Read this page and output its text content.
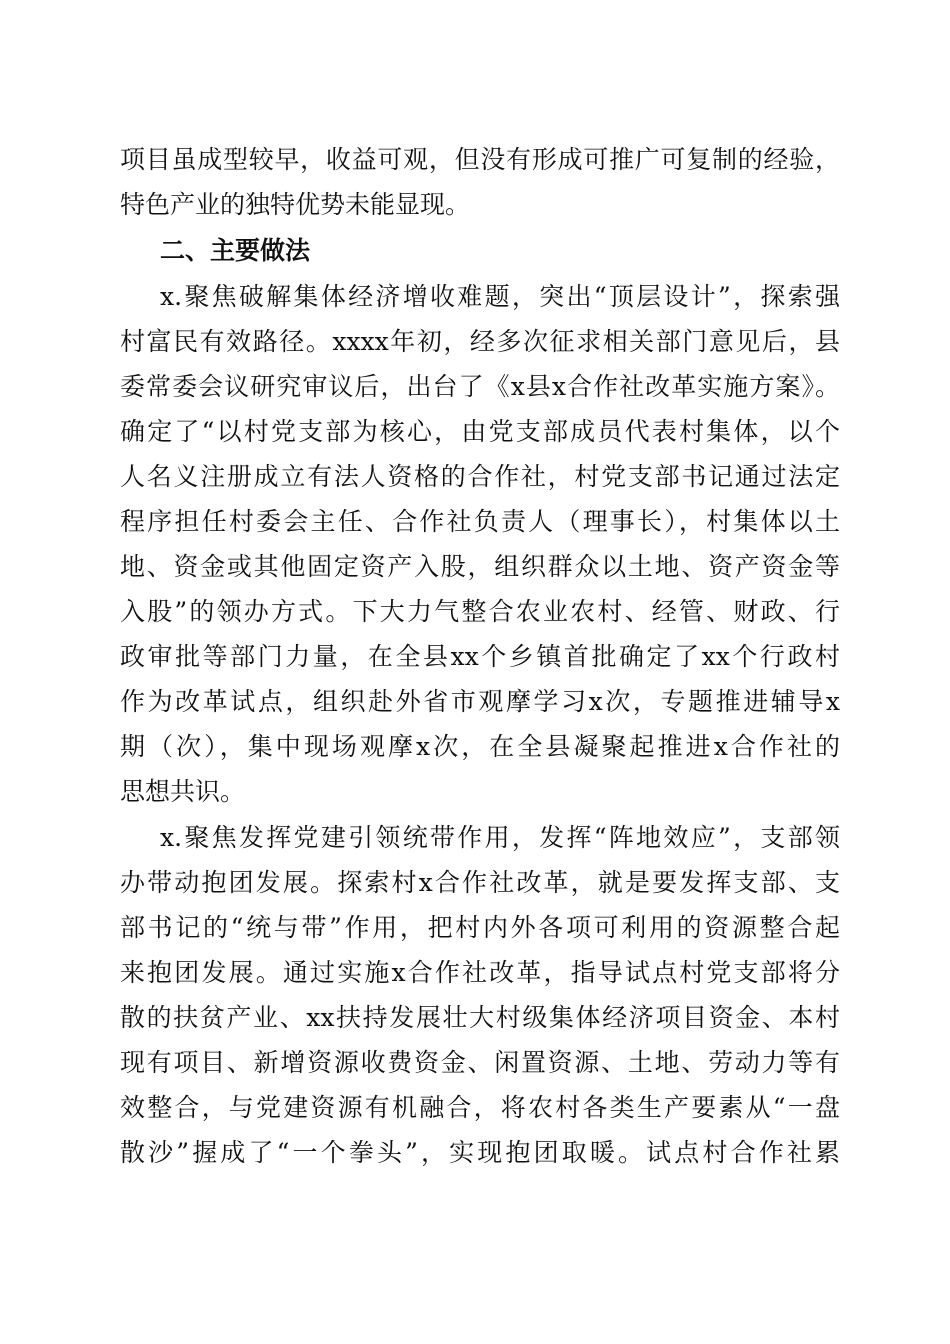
项目虽成型较早，收益可观，但没有形成可推广可复制的经验，
特色产业的独特优势未能显现。
二、主要做法
x.聚焦破解集体经济增收难题，突出“顶层设计”，探索强
村富民有效路径。xxxx年初，经多次征求相关部门意见后，县
委常委会议研究审议后，出台了《x县x合作社改革实施方案》。
确定了“以村党支部为核心，由党支部成员代表村集体，以个
人名义注册成立有法人资格的合作社，村党支部书记通过法定
程序担任村委会主任、合作社负责人（理事长），村集体以土
地、资金或其他固定资产入股，组织群众以土地、资产资金等
入股”的领办方式。下大力气整合农业农村、经管、财政、行
政审批等部门力量，在全县xx个乡镇首批确定了xx个行政村
作为改革试点，组织赴外省市观摩学习x次，专题推进辅导x
期（次），集中现场观摩x次，在全县凝聚起推进x合作社的
思想共识。
x.聚焦发挥党建引领统带作用，发挥“阵地效应”，支部领
办带动抱团发展。探索村x合作社改革，就是要发挥支部、支
部书记的“统与带”作用，把村内外各项可利用的资源整合起
来抱团发展。通过实施x合作社改革，指导试点村党支部将分
散的扶贫产业、xx扶持发展壮大村级集体经济项目资金、本村
现有项目、新增资源收费资金、闲置资源、土地、劳动力等有
效整合，与党建资源有机融合，将农村各类生产要素从“一盘
散沙”握成了“一个拳头”，实现抱团取暖。试点村合作社累
